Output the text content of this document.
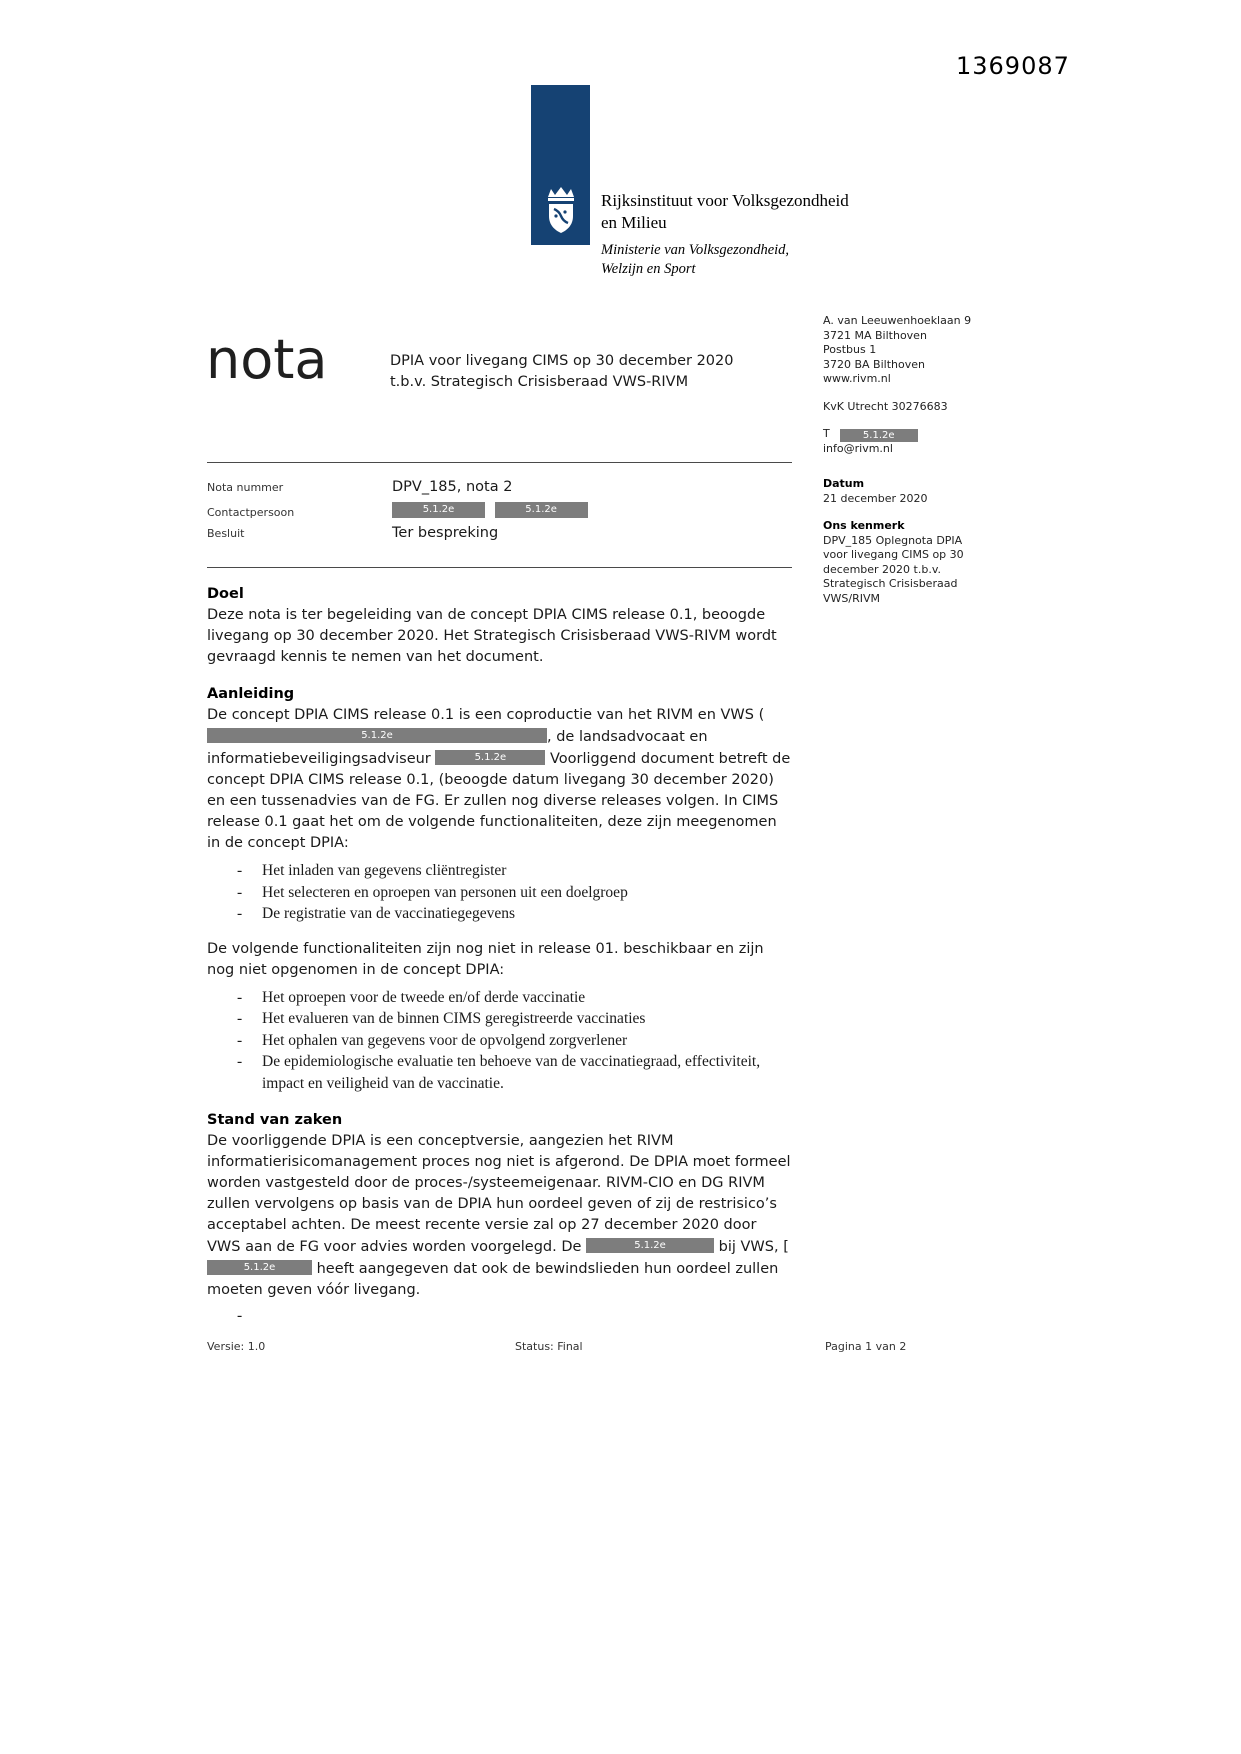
1369087
Rijksinstituut voor Volksgezondheid
en Milieu
Ministerie van Volksgezondheid,
Welzijn en Sport
nota	DPIA voor livegang CIMS op 30 december 2020
t.b.v. Strategisch Crisisberaad VWS-RIVM
A. van Leeuwenhoeklaan 9
3721 MA Bilthoven
Postbus 1
3720 BA Bilthoven
www.rivm.nl
KvK Utrecht 30276683
T	5.1.2e
info@rivm.nl
Datum
21 december 2020
Ons kenmerk
DPV_185 Oplegnota DPIA voor livegang CIMS op 30 december 2020 t.b.v. Strategisch Crisisberaad VWS/RIVM
Nota nummer	DPV_185, nota 2
Contactpersoon	5.1.2e	5.1.2e
Besluit	Ter bespreking
Doel

Deze nota is ter begeleiding van de concept DPIA CIMS release 0.1, beoogde livegang op 30 december 2020. Het Strategisch Crisisberaad VWS-RIVM wordt gevraagd kennis te nemen van het document.

Aanleiding

De concept DPIA CIMS release 0.1 is een coproductie van het RIVM en VWS (5.1.2e	, de landsadvocaat en informatiebeveiligingsadviseur	5.1.2e	Voorliggend document betreft de concept DPIA CIMS release 0.1, (beoogde datum livegang 30 december 2020) en een tussenadvies van de FG. Er zullen nog diverse releases volgen. In CIMS release 0.1 gaat het om de volgende functionaliteiten, deze zijn meegenomen in de concept DPIA:

-	Het inladen van gegevens cliëntregister
-	Het selecteren en oproepen van personen uit een doelgroep
-	De registratie van de vaccinatiegegevens

De volgende functionaliteiten zijn nog niet in release 01. beschikbaar en zijn nog niet opgenomen in de concept DPIA:

-	Het oproepen voor de tweede en/of derde vaccinatie
-	Het evalueren van de binnen CIMS geregistreerde vaccinaties
-	Het ophalen van gegevens voor de opvolgend zorgverlener
-	De epidemiologische evaluatie ten behoeve van de vaccinatiegraad, effectiviteit, impact en veiligheid van de vaccinatie.
Stand van zaken

De voorliggende DPIA is een conceptversie, aangezien het RIVM informatierisicomanagement proces nog niet is afgerond. De DPIA moet formeel worden vastgesteld door de proces-/systeemeigenaar. RIVM-CIO en DG RIVM zullen vervolgens op basis van de DPIA hun oordeel geven of zij de restrisico’s acceptabel achten. De meest recente versie zal op 27 december 2020 door VWS aan de FG voor advies worden voorgelegd. De	5.1.2e	bij VWS, [5.1.2e	heeft aangegeven dat ook de bewindslieden hun oordeel zullen moeten geven vóór livegang.

-
Versie: 1.0	Status: Final	Pagina 1 van 2
